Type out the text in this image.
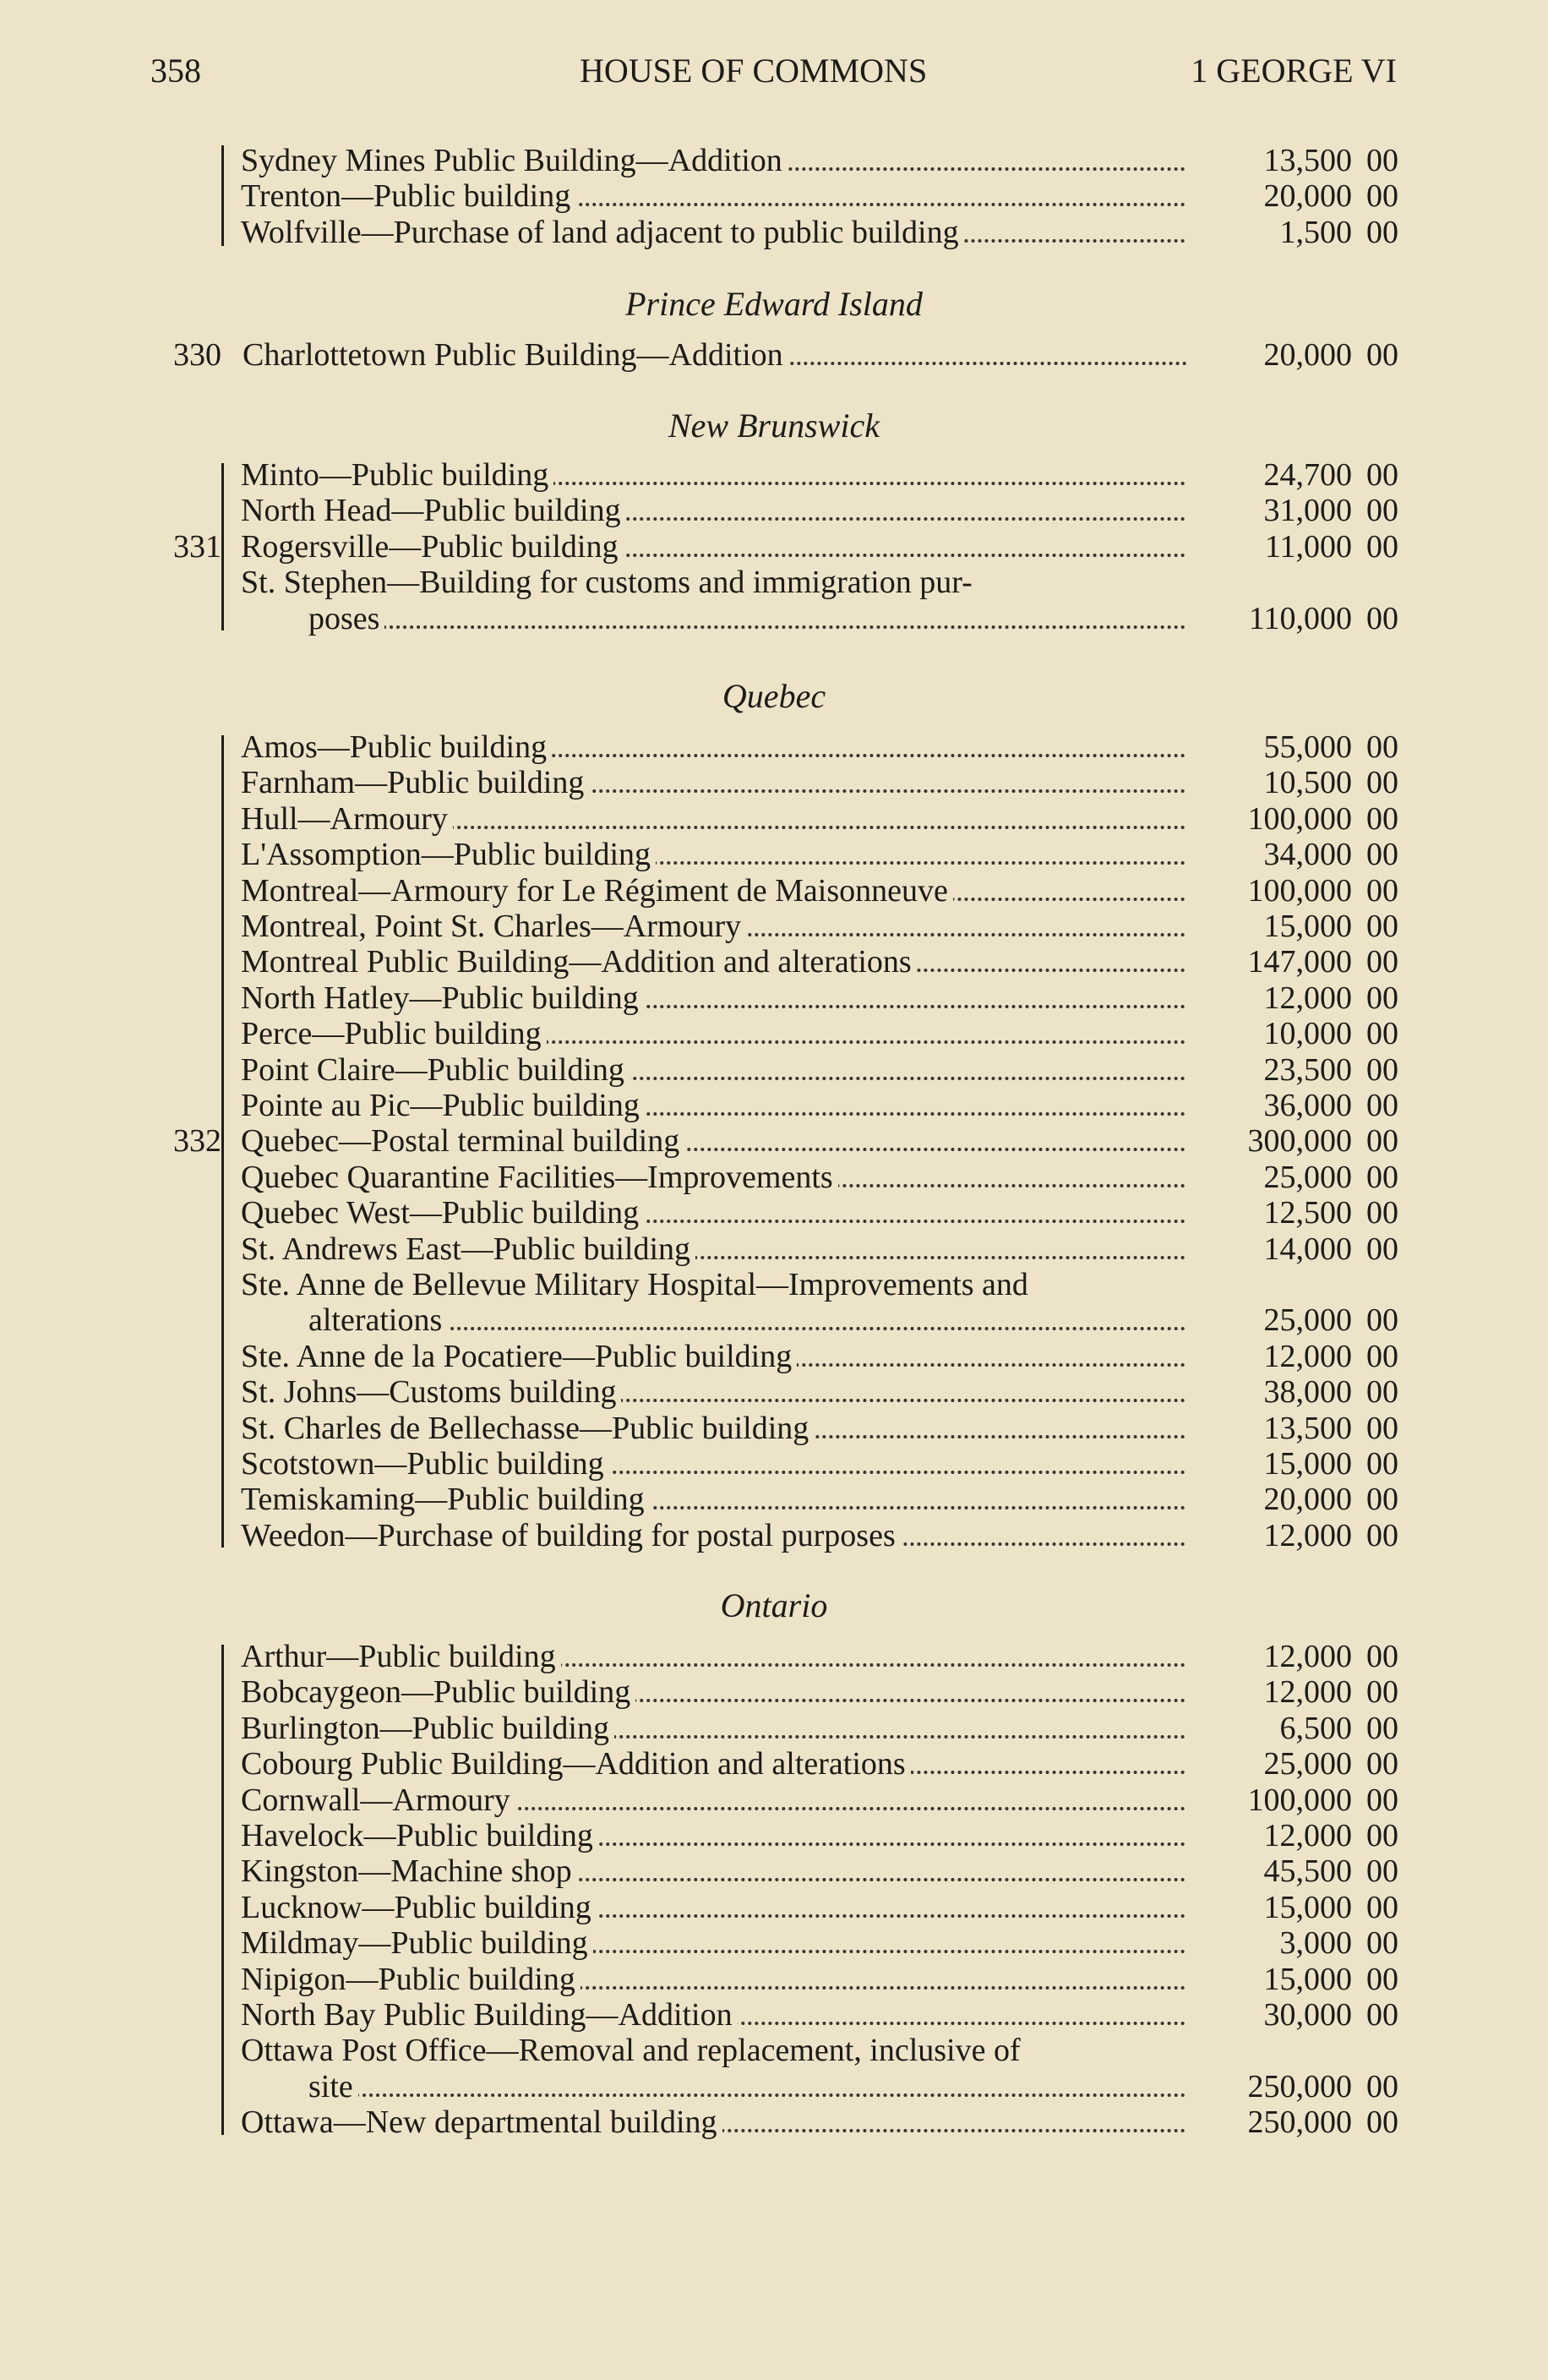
358	HOUSE OF COMMONS	1 GEORGE VI
Sydney Mines Public Building—Addition	13,500 00
Trenton—Public building	20,000 00
Wolfville—Purchase of land adjacent to public building	1,500 00
Prince Edward Island
330 Charlottetown Public Building—Addition	20,000 00
New Brunswick
Minto—Public building	24,700 00
North Head—Public building	31,000 00
Rogersville—Public building	11,000 00
St. Stephen—Building for customs and immigration pur-
poses	110,000 00
331
Quebec
Amos—Public building	55,000 00
Farnham—Public building	10,500 00
Hull—Armoury	100,000 00
L'Assomption—Public building	34,000 00
Montreal—Armoury for Le Régiment de Maisonneuve	100,000 00
Montreal, Point St. Charles—Armoury	15,000 00
Montreal Public Building—Addition and alterations	147,000 00
North Hatley—Public building	12,000 00
Perce—Public building	10,000 00
Point Claire—Public building	23,500 00
Pointe au Pic—Public building	36,000 00
Quebec—Postal terminal building	300,000 00
Quebec Quarantine Facilities—Improvements	25,000 00
Quebec West—Public building	12,500 00
St. Andrews East—Public building	14,000 00
Ste. Anne de Bellevue Military Hospital—Improvements and
alterations	25,000 00
Ste. Anne de la Pocatiere—Public building	12,000 00
St. Johns—Customs building	38,000 00
St. Charles de Bellechasse—Public building	13,500 00
Scotstown—Public building	15,000 00
Temiskaming—Public building	20,000 00
Weedon—Purchase of building for postal purposes	12,000 00
332
Ontario
Arthur—Public building	12,000 00
Bobcaygeon—Public building	12,000 00
Burlington—Public building	6,500 00
Cobourg Public Building—Addition and alterations	25,000 00
Cornwall—Armoury	100,000 00
Havelock—Public building	12,000 00
Kingston—Machine shop	45,500 00
Lucknow—Public building	15,000 00
Mildmay—Public building	3,000 00
Nipigon—Public building	15,000 00
North Bay Public Building—Addition	30,000 00
Ottawa Post Office—Removal and replacement, inclusive of
site	250,000 00
Ottawa—New departmental building	250,000 00
